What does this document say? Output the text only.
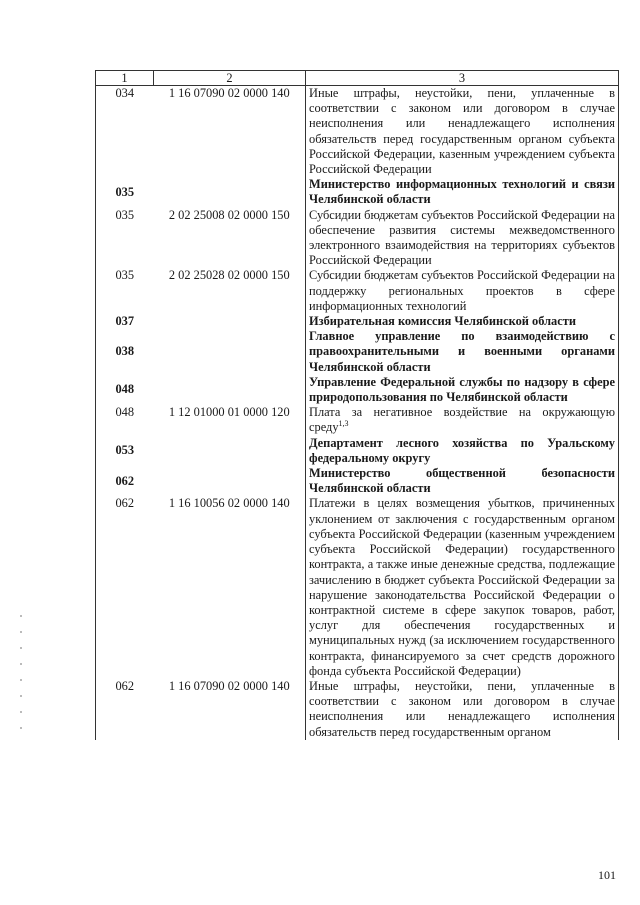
1	2	3
034	1 16 07090 02 0000 140	Иные штрафы, неустойки, пени, уплаченные в соответствии с законом или договором в случае неисполнения или ненадлежащего исполнения обязательств перед государственным органом субъекта Российской Федерации, казенным учреждением субъекта Российской Федерации
035		Министерство информационных технологий и связи Челябинской области
035	2 02 25008 02 0000 150	Субсидии бюджетам субъектов Российской Федерации на обеспечение развития системы межведомственного электронного взаимодействия на территориях субъектов Российской Федерации
035	2 02 25028 02 0000 150	Субсидии бюджетам субъектов Российской Федерации на поддержку региональных проектов в сфере информационных технологий
037		Избирательная комиссия Челябинской области
038		Главное управление по взаимодействию с правоохранительными и военными органами Челябинской области
048		Управление Федеральной службы по надзору в сфере природопользования по Челябинской области
048	1 12 01000 01 0000 120	Плата за негативное воздействие на окружающую среду$^{1,3}$
053		Департамент лесного хозяйства по Уральскому федеральному округу
062		Министерство общественной безопасности Челябинской области
062	1 16 10056 02 0000 140	Платежи в целях возмещения убытков, причиненных уклонением от заключения с государственным органом субъекта Российской Федерации (казенным учреждением субъекта Российской Федерации) государственного контракта, а также иные денежные средства, подлежащие зачислению в бюджет субъекта Российской Федерации за нарушение законодательства Российской Федерации о контрактной системе в сфере закупок товаров, работ, услуг для обеспечения государственных и муниципальных нужд (за исключением государственного контракта, финансируемого за счет средств дорожного фонда субъекта Российской Федерации)
062	1 16 07090 02 0000 140	Иные штрафы, неустойки, пени, уплаченные в соответствии с законом или договором в случае неисполнения или ненадлежащего исполнения обязательств перед государственным органом
101
